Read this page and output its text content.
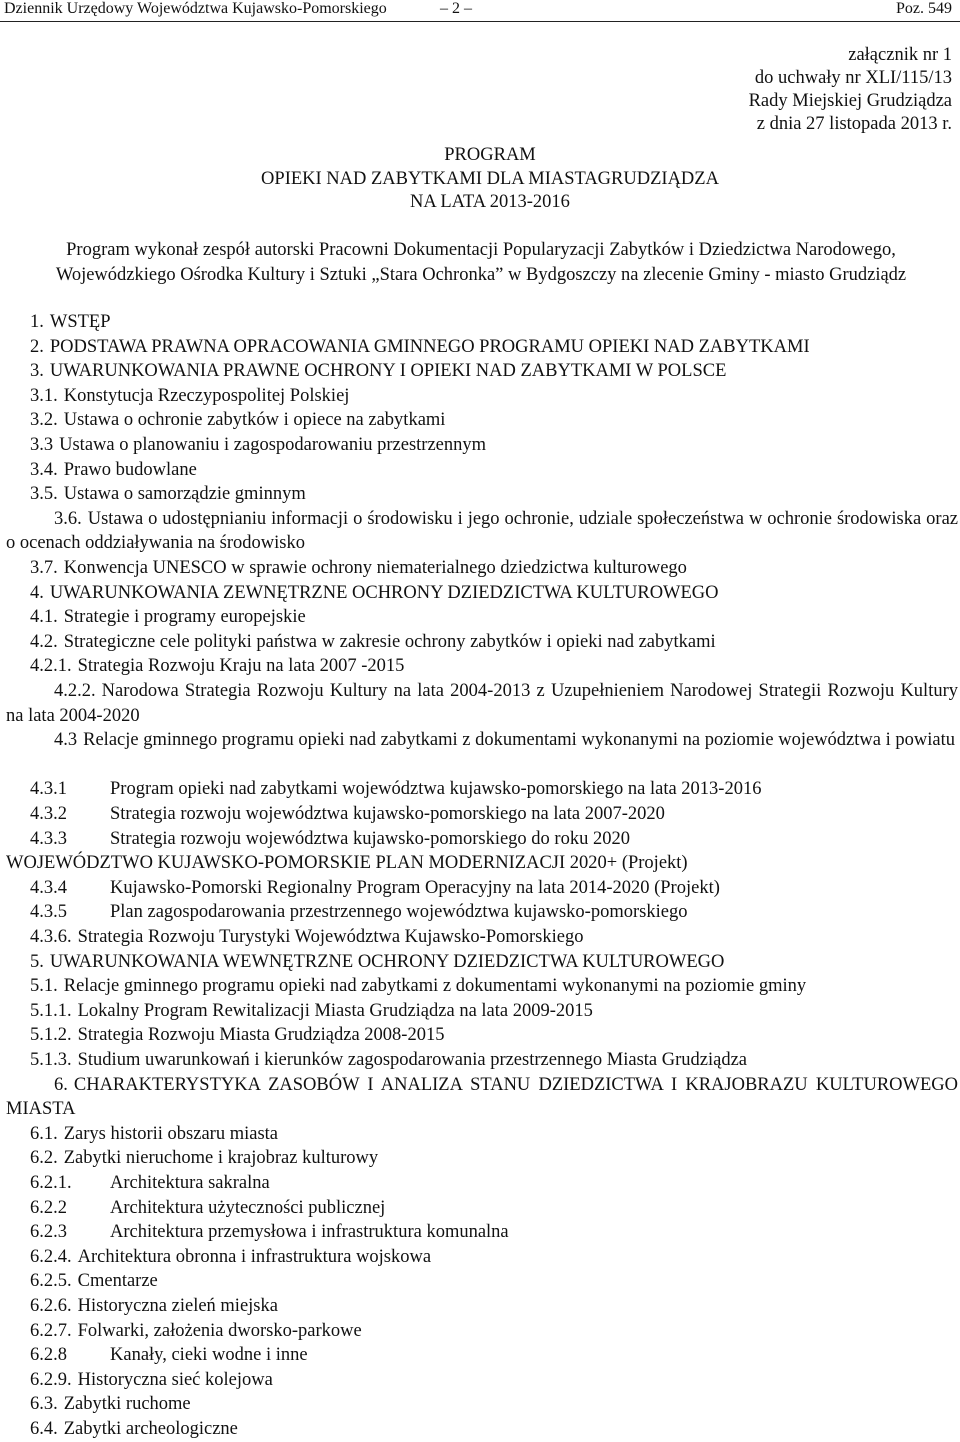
Dziennik Urzędowy Województwa Kujawsko-Pomorskiego	– 2 –	Poz. 549
załącznik nr 1
do uchwały nr XLI/115/13
Rady Miejskiej Grudziądza
z dnia 27 listopada 2013 r.
PROGRAM
OPIEKI NAD ZABYTKAMI DLA MIASTAGRUDZIĄDZA
NA LATA 2013-2016
Program wykonał zespół autorski Pracowni Dokumentacji Popularyzacji Zabytków i Dziedzictwa Narodowego, Wojewódzkiego Ośrodka Kultury i Sztuki „Stara Ochronka” w Bydgoszczy na zlecenie Gminy - miasto Grudziądz
1. WSTĘP
2. PODSTAWA PRAWNA OPRACOWANIA GMINNEGO PROGRAMU OPIEKI NAD ZABYTKAMI
3. UWARUNKOWANIA PRAWNE OCHRONY I OPIEKI NAD ZABYTKAMI W POLSCE
3.1. Konstytucja Rzeczypospolitej Polskiej
3.2. Ustawa o ochronie zabytków i opiece na zabytkami
3.3 Ustawa o planowaniu i zagospodarowaniu przestrzennym
3.4. Prawo budowlane
3.5. Ustawa o samorządzie gminnym
3.6. Ustawa o udostępnianiu informacji o środowisku i jego ochronie, udziale społeczeństwa w ochronie środowiska oraz o ocenach oddziaływania na środowisko
3.7. Konwencja UNESCO w sprawie ochrony niematerialnego dziedzictwa kulturowego
4. UWARUNKOWANIA ZEWNĘTRZNE OCHRONY DZIEDZICTWA KULTUROWEGO
4.1. Strategie i programy europejskie
4.2. Strategiczne cele polityki państwa w zakresie ochrony zabytków i opieki nad zabytkami
4.2.1. Strategia Rozwoju Kraju na lata 2007 -2015
4.2.2. Narodowa Strategia Rozwoju Kultury na lata 2004-2013 z Uzupełnieniem Narodowej Strategii Rozwoju Kultury na lata 2004-2020
4.3 Relacje gminnego programu opieki nad zabytkami z dokumentami wykonanymi na poziomie województwa i powiatu
4.3.1 Program opieki nad zabytkami województwa kujawsko-pomorskiego na lata 2013-2016
4.3.2 Strategia rozwoju województwa kujawsko-pomorskiego na lata 2007-2020
4.3.3 Strategia rozwoju województwa kujawsko-pomorskiego do roku 2020
WOJEWÓDZTWO KUJAWSKO-POMORSKIE PLAN MODERNIZACJI 2020+ (Projekt)
4.3.4 Kujawsko-Pomorski Regionalny Program Operacyjny na lata 2014-2020 (Projekt)
4.3.5 Plan zagospodarowania przestrzennego województwa kujawsko-pomorskiego
4.3.6. Strategia Rozwoju Turystyki Województwa Kujawsko-Pomorskiego
5. UWARUNKOWANIA WEWNĘTRZNE OCHRONY DZIEDZICTWA KULTUROWEGO
5.1. Relacje gminnego programu opieki nad zabytkami z dokumentami wykonanymi na poziomie gminy
5.1.1. Lokalny Program Rewitalizacji Miasta Grudziądza na lata 2009-2015
5.1.2. Strategia Rozwoju Miasta Grudziądza 2008-2015
5.1.3. Studium uwarunkowań i kierunków zagospodarowania przestrzennego Miasta Grudziądza
6. CHARAKTERYSTYKA ZASOBÓW I ANALIZA STANU DZIEDZICTWA I KRAJOBRAZU KULTUROWEGO MIASTA
6.1. Zarys historii obszaru miasta
6.2. Zabytki nieruchome i krajobraz kulturowy
6.2.1. Architektura sakralna
6.2.2 Architektura użyteczności publicznej
6.2.3 Architektura przemysłowa i infrastruktura komunalna
6.2.4. Architektura obronna i infrastruktura wojskowa
6.2.5. Cmentarze
6.2.6. Historyczna zieleń miejska
6.2.7. Folwarki, założenia dworsko-parkowe
6.2.8 Kanały, cieki wodne i inne
6.2.9. Historyczna sieć kolejowa
6.3. Zabytki ruchome
6.4. Zabytki archeologiczne
